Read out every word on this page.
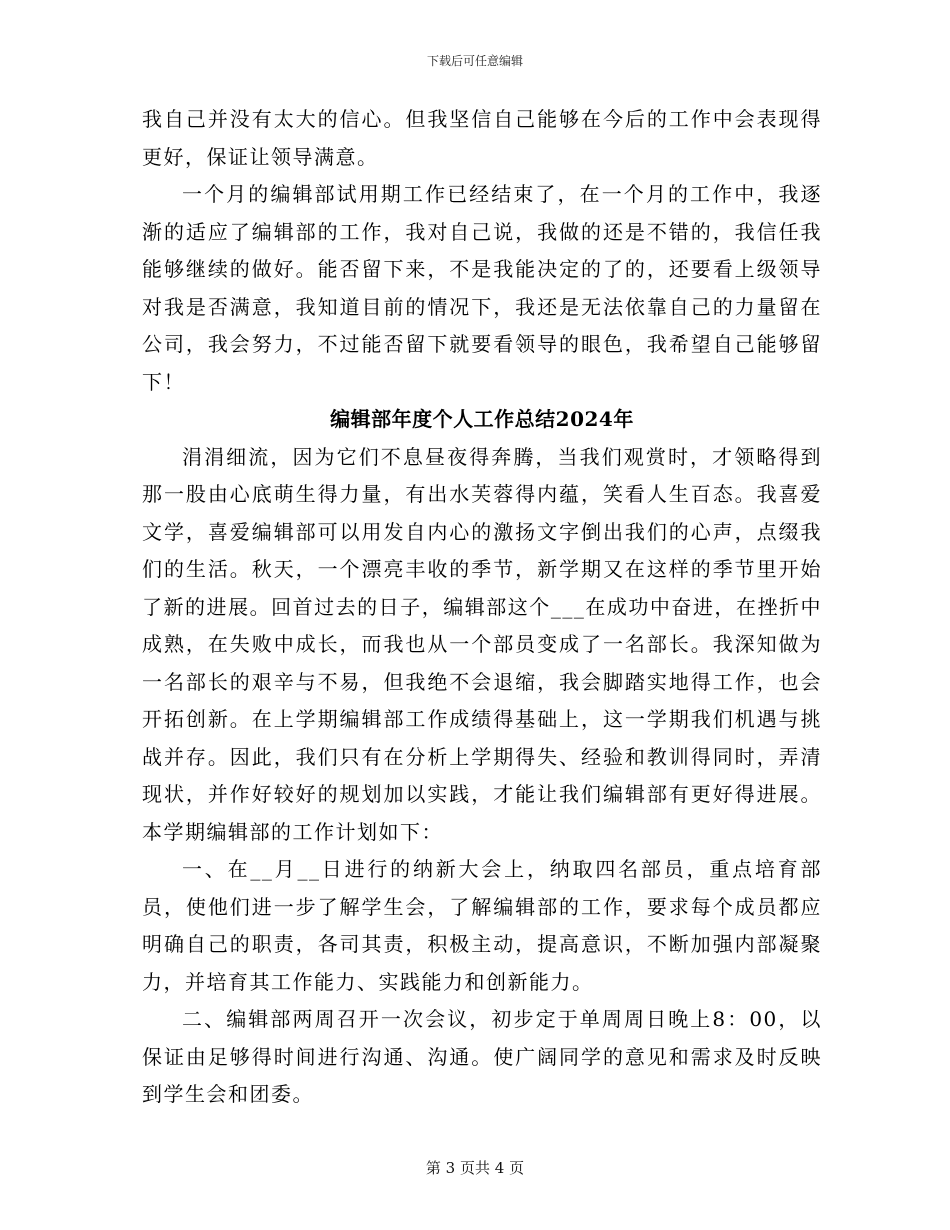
下载后可任意编辑

我自己并没有太大的信心。但我坚信自己能够在今后的工作中会表现得更好，保证让领导满意。

一个月的编辑部试用期工作已经结束了，在一个月的工作中，我逐渐的适应了编辑部的工作，我对自己说，我做的还是不错的，我信任我能够继续的做好。能否留下来，不是我能决定的了的，还要看上级领导对我是否满意，我知道目前的情况下，我还是无法依靠自己的力量留在公司，我会努力，不过能否留下就要看领导的眼色，我希望自己能够留下！

编辑部年度个人工作总结2024年

涓涓细流，因为它们不息昼夜得奔腾，当我们观赏时，才领略得到那一股由心底萌生得力量，有出水芙蓉得内蕴，笑看人生百态。我喜爱文学，喜爱编辑部可以用发自内心的激扬文字倒出我们的心声，点缀我们的生活。秋天，一个漂亮丰收的季节，新学期又在这样的季节里开始了新的进展。回首过去的日子，编辑部这个___在成功中奋进，在挫折中成熟，在失败中成长，而我也从一个部员变成了一名部长。我深知做为一名部长的艰辛与不易，但我绝不会退缩，我会脚踏实地得工作，也会开拓创新。在上学期编辑部工作成绩得基础上，这一学期我们机遇与挑战并存。因此，我们只有在分析上学期得失、经验和教训得同时，弄清现状，并作好较好的规划加以实践，才能让我们编辑部有更好得进展。本学期编辑部的工作计划如下：

一、在__月__日进行的纳新大会上，纳取四名部员，重点培育部员，使他们进一步了解学生会，了解编辑部的工作，要求每个成员都应明确自己的职责，各司其责，积极主动，提高意识，不断加强内部凝聚力，并培育其工作能力、实践能力和创新能力。

二、编辑部两周召开一次会议，初步定于单周周日晚上8：00，以保证由足够得时间进行沟通、沟通。使广阔同学的意见和需求及时反映到学生会和团委。

第 3 页共 4 页
